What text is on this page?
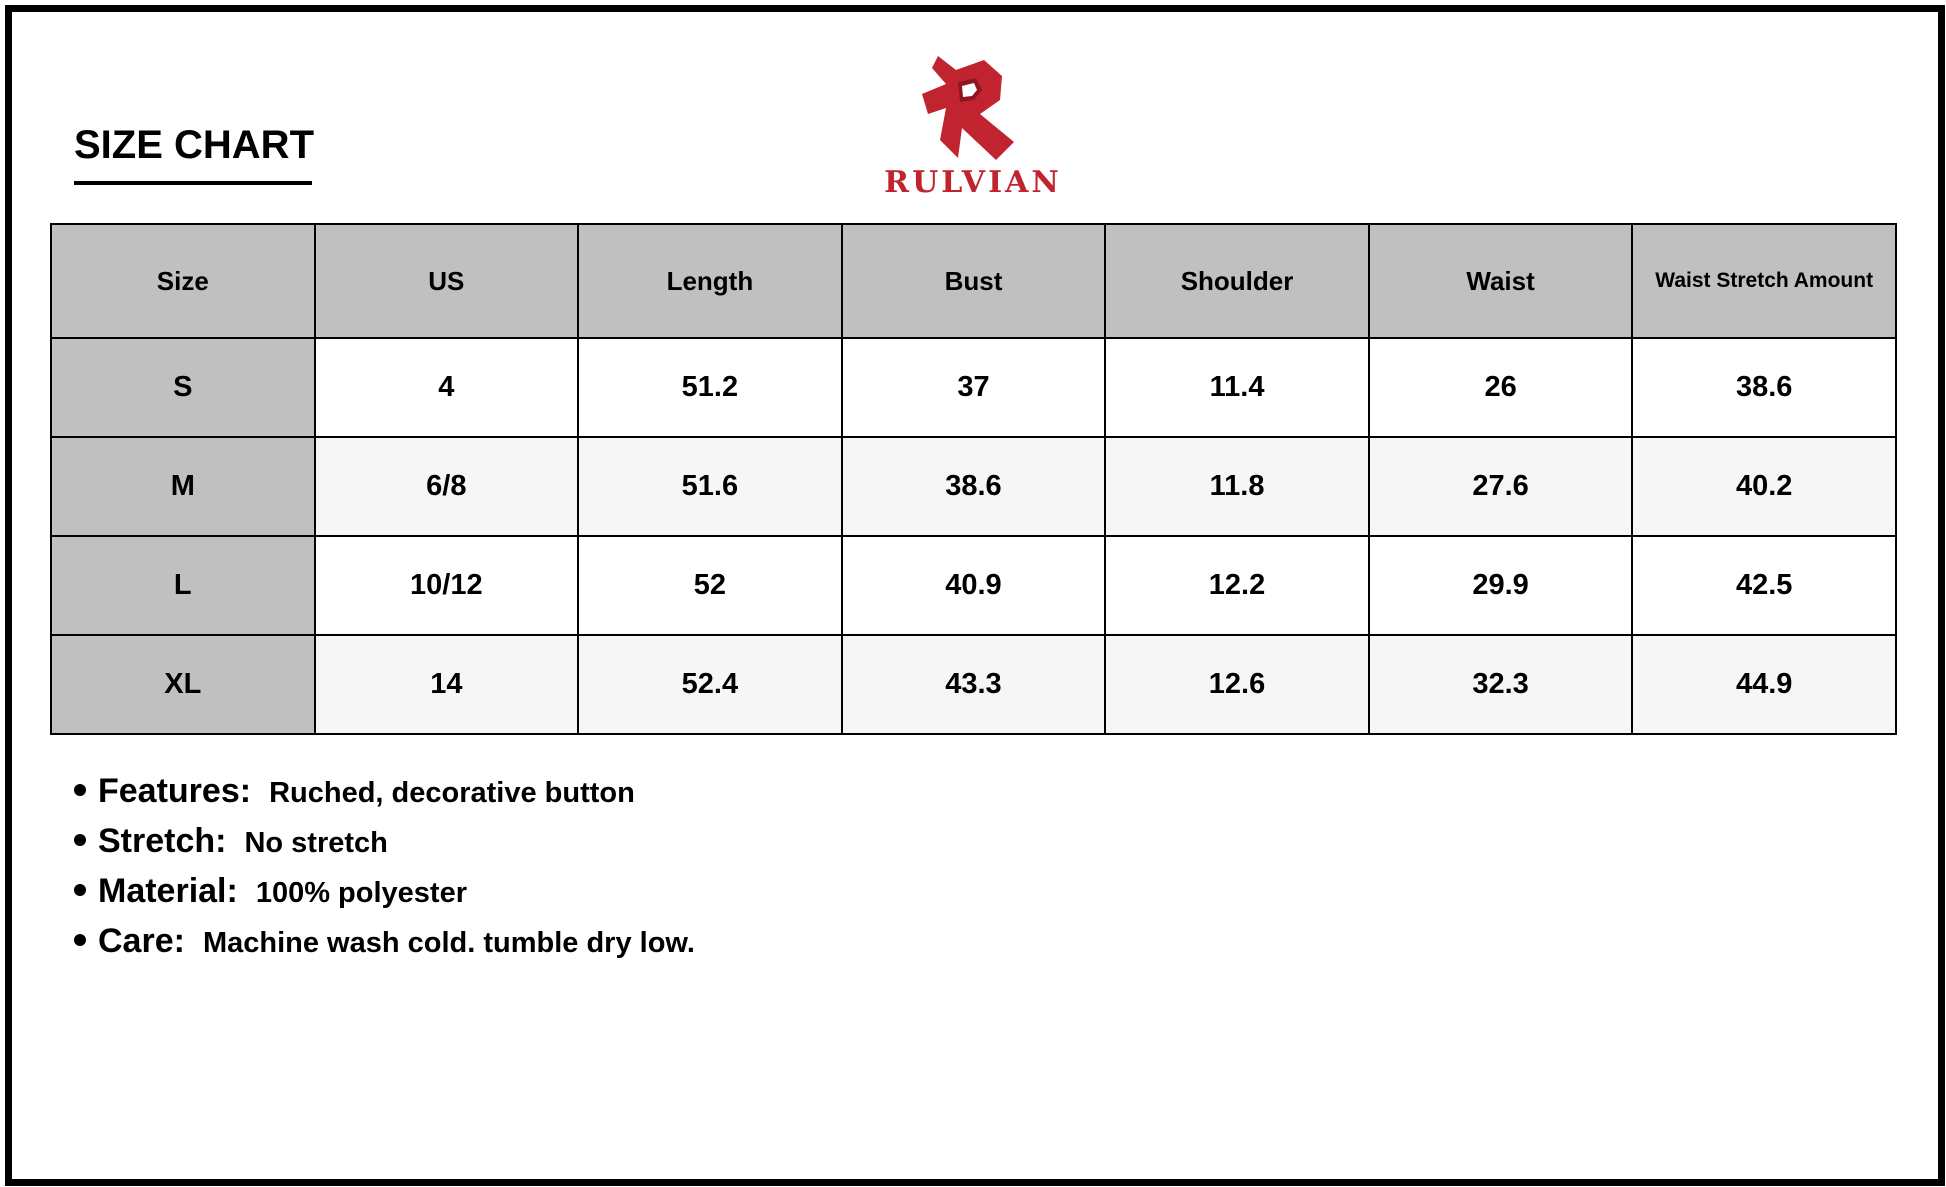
SIZE CHART
RULVIAN
Size	US	Length	Bust	Shoulder	Waist	Waist Stretch Amount
S	4	51.2	37	11.4	26	38.6
M	6/8	51.6	38.6	11.8	27.6	40.2
L	10/12	52	40.9	12.2	29.9	42.5
XL	14	52.4	43.3	12.6	32.3	44.9
Features: Ruched, decorative button
Stretch: No stretch
Material: 100% polyester
Care: Machine wash cold. tumble dry low.
